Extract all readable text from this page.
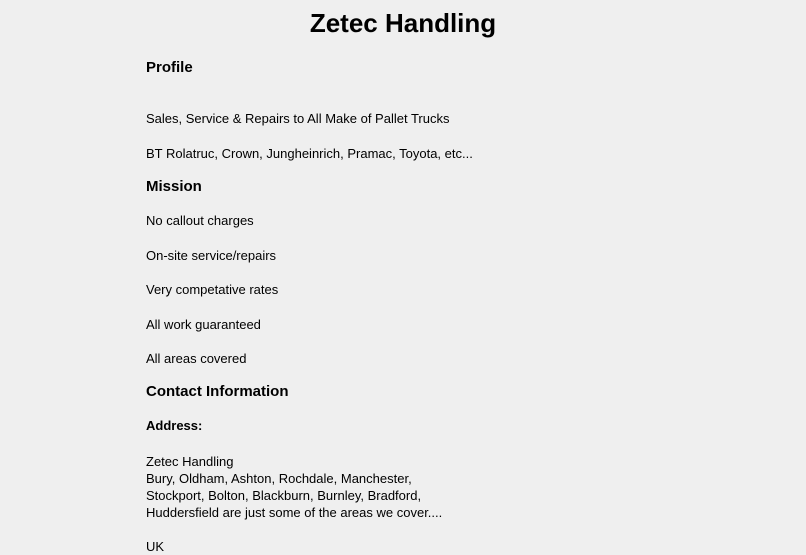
Zetec Handling
Profile

Sales, Service & Repairs to All Make of Pallet Trucks

BT Rolatruc, Crown, Jungheinrich, Pramac, Toyota, etc...

Mission

No callout charges

On-site service/repairs

Very competative rates

All work guaranteed

All areas covered

Contact Information

Address:

Zetec Handling
Bury, Oldham, Ashton, Rochdale, Manchester,
Stockport, Bolton, Blackburn, Burnley, Bradford,
Huddersfield are just some of the areas we cover....
UK
